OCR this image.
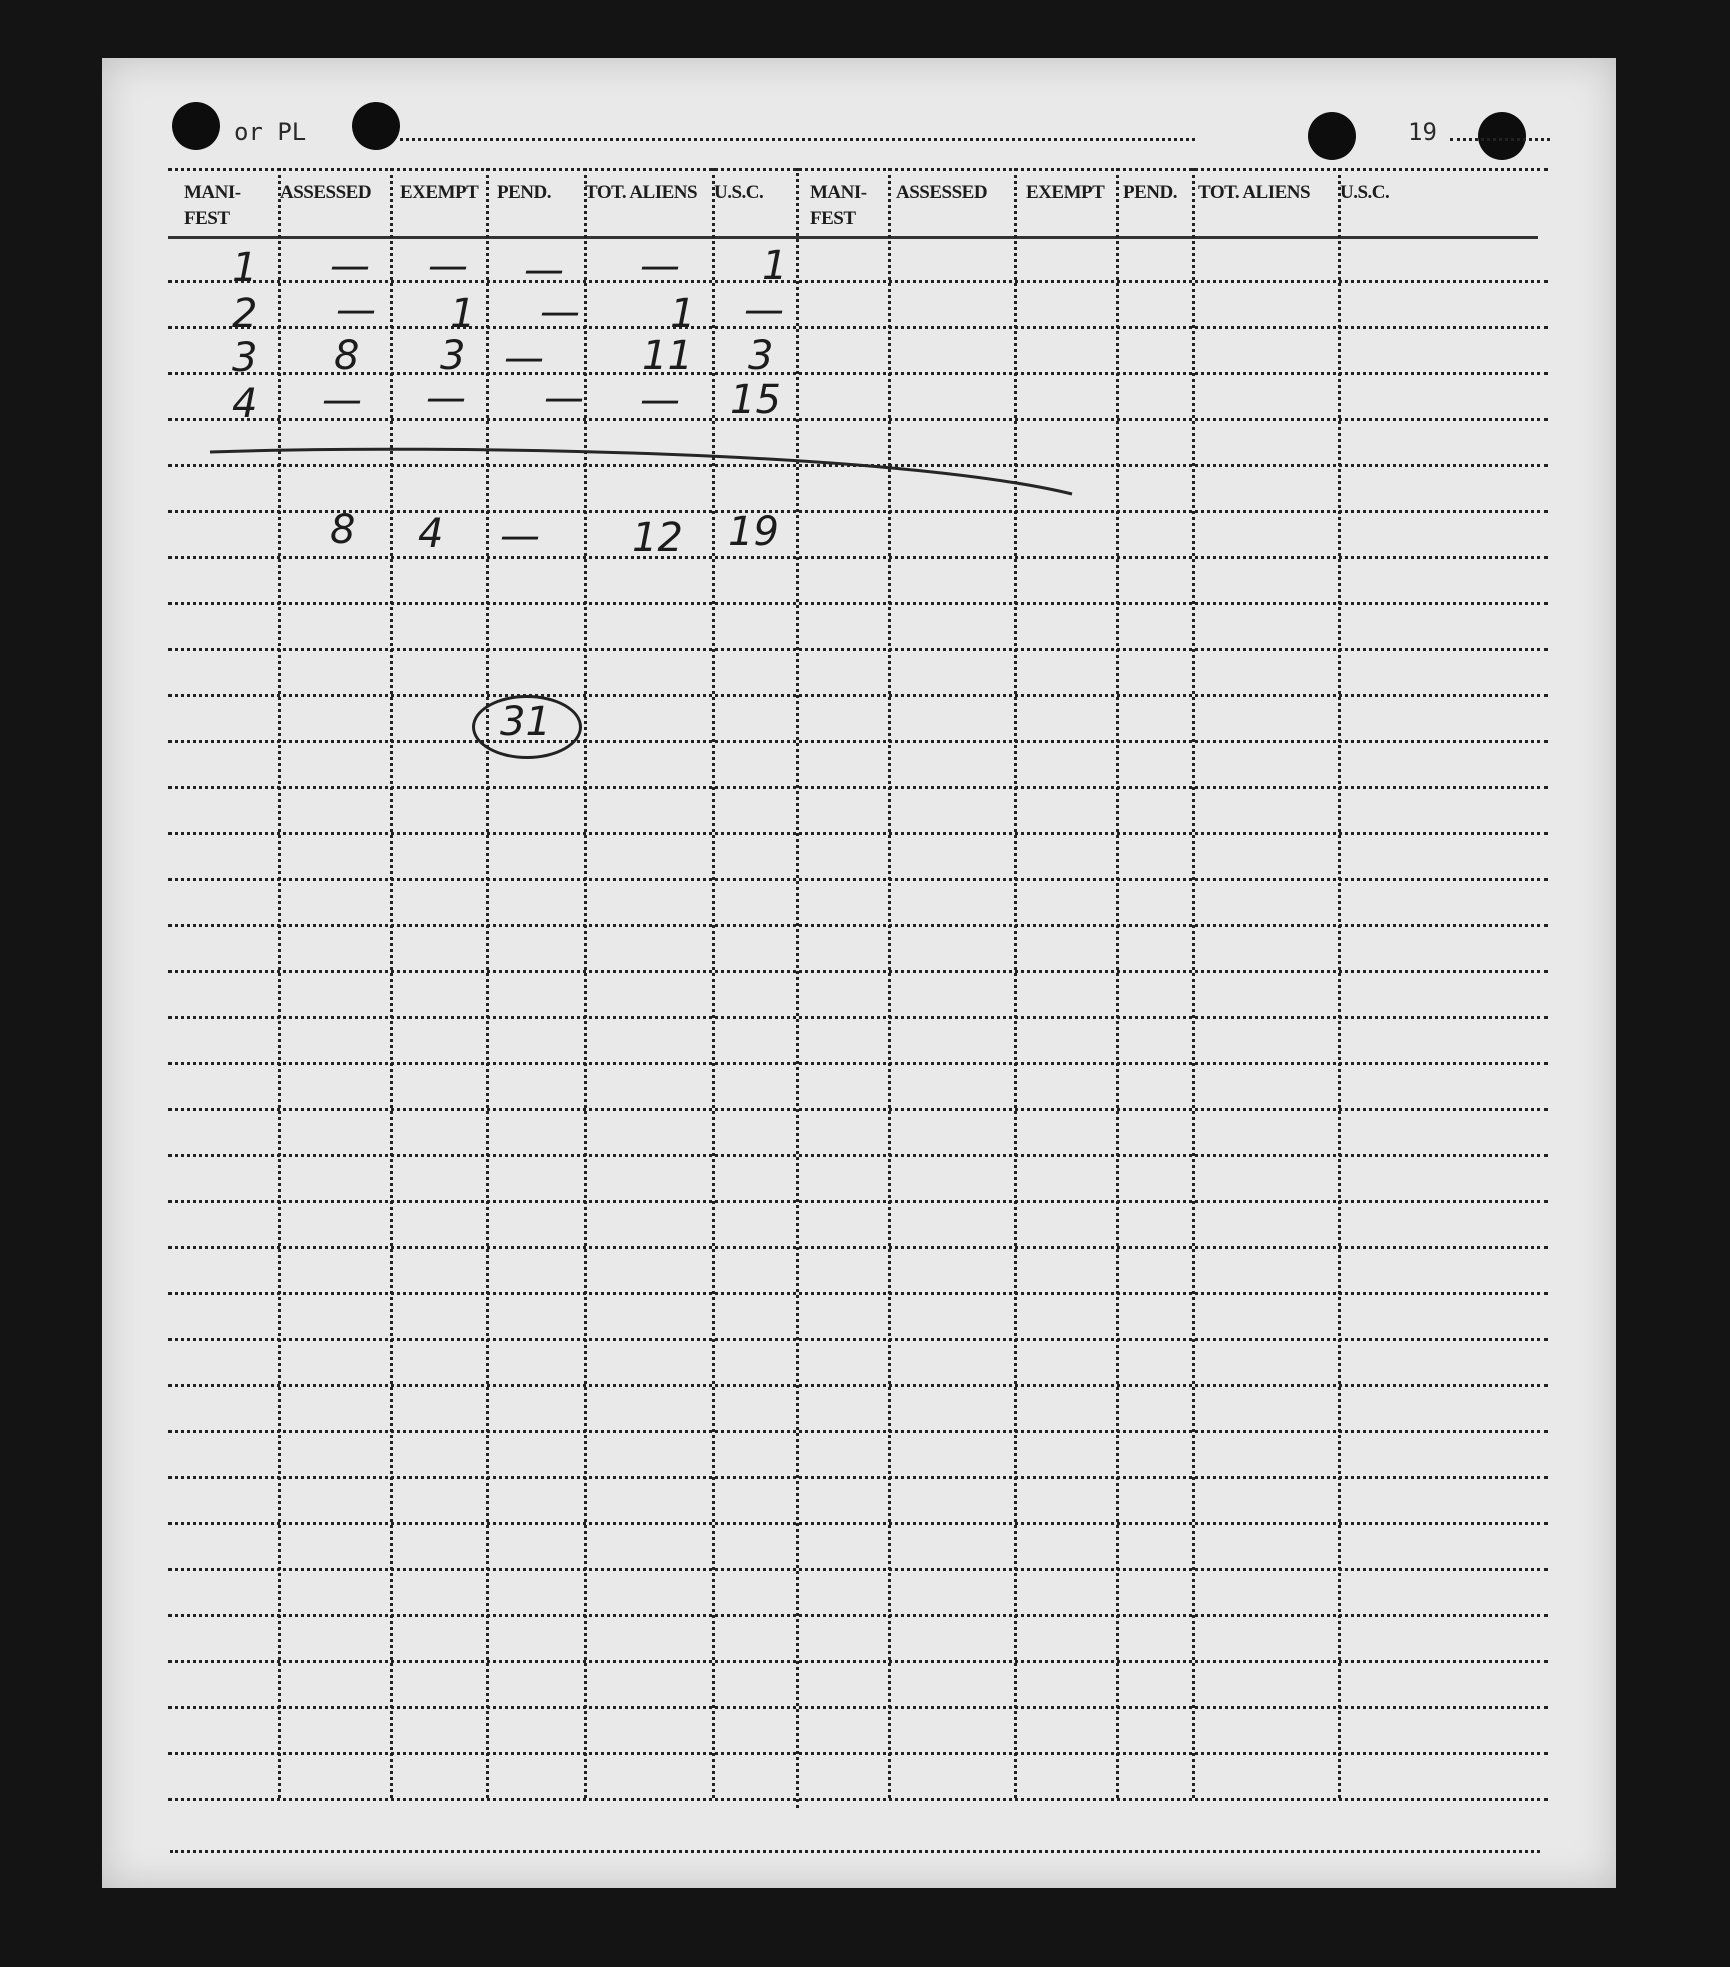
or PL	19
MANI-
FEST
ASSESSED EXEMPT PEND. TOT. ALIENS U.S.C. MANI-
FEST
ASSESSED EXEMPT PEND. TOT. ALIENS U.S.C.
1 — — — — 1
2 — 1 — 1 —
3 8 3 — 11 3
4 — — — — 15
8 4 — 12 19
31
